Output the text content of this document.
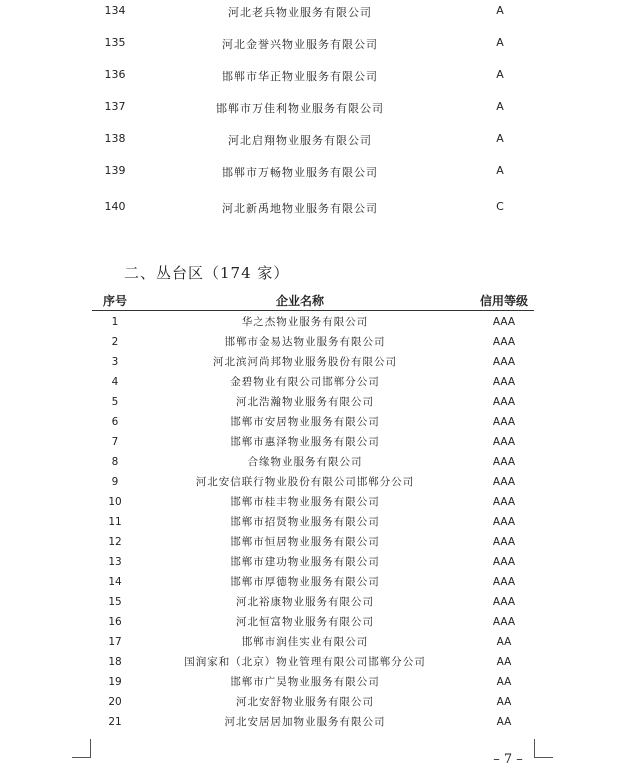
134	河北老兵物业服务有限公司	A
135	河北金誉兴物业服务有限公司	A
136	邯郸市华正物业服务有限公司	A
137	邯郸市万佳利物业服务有限公司	A
138	河北启翔物业服务有限公司	A
139	邯郸市万畅物业服务有限公司	A
140	河北新禹地物业服务有限公司	C
二、丛台区（174 家）
序号	企业名称	信用等级
1	华之杰物业服务有限公司	AAA
2	邯郸市金易达物业服务有限公司	AAA
3	河北滨河尚邦物业服务股份有限公司	AAA
4	金碧物业有限公司邯郸分公司	AAA
5	河北浩瀚物业服务有限公司	AAA
6	邯郸市安居物业服务有限公司	AAA
7	邯郸市惠泽物业服务有限公司	AAA
8	合缘物业服务有限公司	AAA
9	河北安信联行物业股份有限公司邯郸分公司	AAA
10	邯郸市桂丰物业服务有限公司	AAA
11	邯郸市招贤物业服务有限公司	AAA
12	邯郸市恒居物业服务有限公司	AAA
13	邯郸市建功物业服务有限公司	AAA
14	邯郸市厚德物业服务有限公司	AAA
15	河北裕康物业服务有限公司	AAA
16	河北恒富物业服务有限公司	AAA
17	邯郸市润佳实业有限公司	AA
18	国润家和（北京）物业管理有限公司邯郸分公司	AA
19	邯郸市广昊物业服务有限公司	AA
20	河北安舒物业服务有限公司	AA
21	河北安居居加物业服务有限公司	AA
– 7 –
